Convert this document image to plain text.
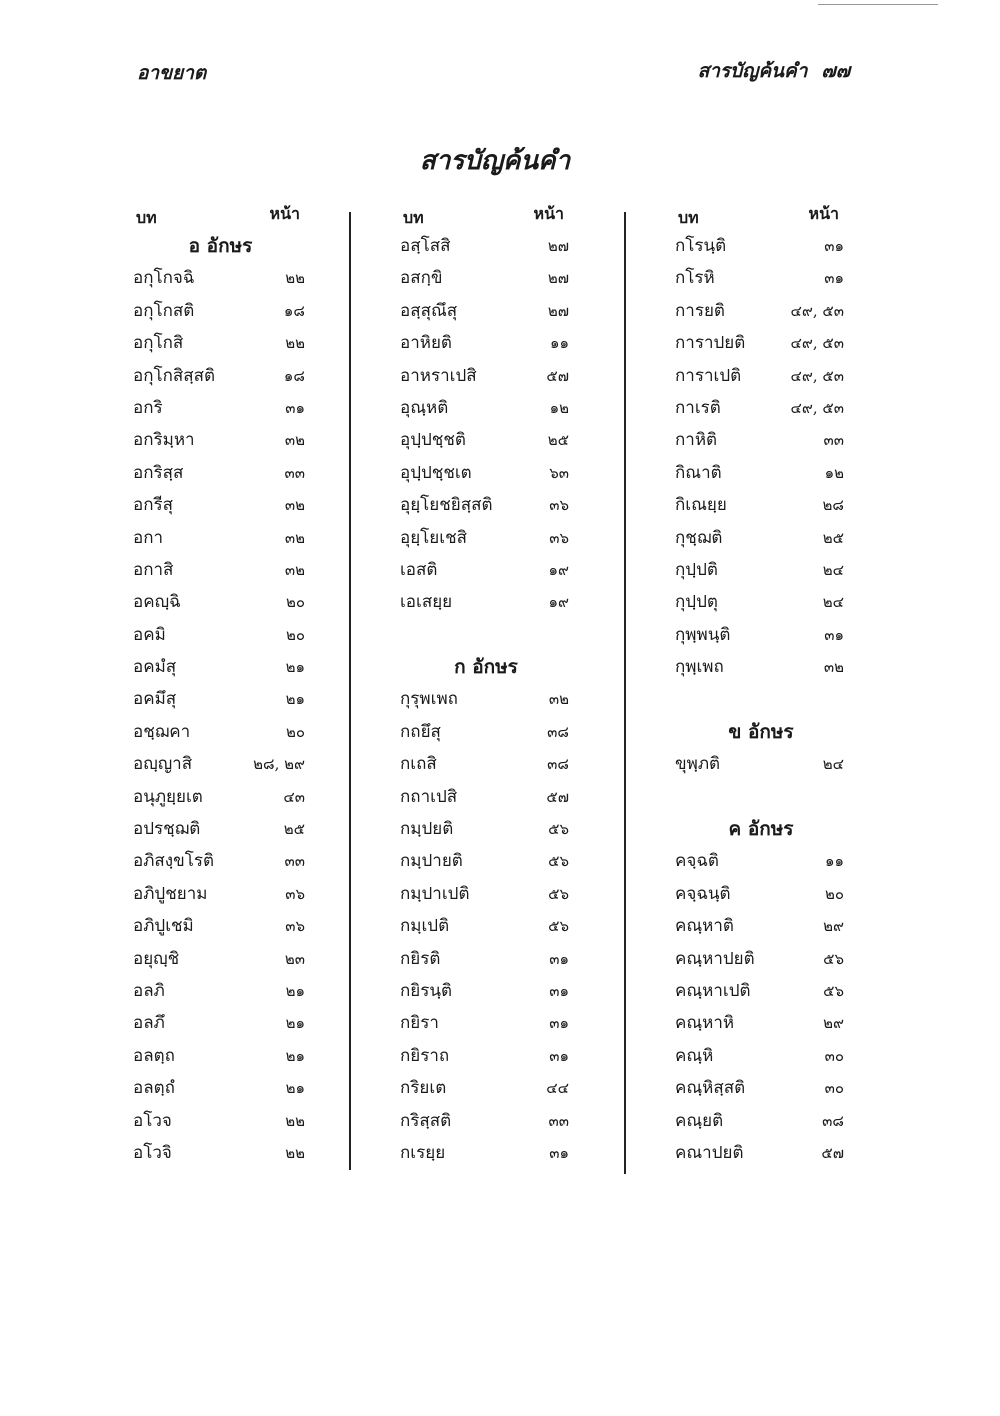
อาขยาต	สารบัญค้นคำ ๗๗
สารบัญค้นคำ
บท	หน้า
อ อักษร
อกุโกจฉิ	๒๒
อกุโกสติ	๑๘
อกุโกสิ	๒๒
อกุโกสิสฺสติ	๑๘
อกริ	๓๑
อกริมฺหา	๓๒
อกริสฺส	๓๓
อกรีสุ	๓๒
อกา	๓๒
อกาสิ	๓๒
อคญฺฉิ	๒๐
อคมิ	๒๐
อคมํสุ	๒๑
อคมึสุ	๒๑
อชฺฌคา	๒๐
อญฺญาสิ	๒๘, ๒๙
อนุภูยฺยเต	๔๓
อปรชฺฌติ	๒๕
อภิสงฺขโรติ	๓๓
อภิปูชยาม	๓๖
อภิปูเชมิ	๓๖
อยุญฺชิ	๒๓
อลภิ	๒๑
อลภึ	๒๑
อลตฺถ	๒๑
อลตฺถํ	๒๑
อโวจ	๒๒
อโวจิ	๒๒
บท	หน้า
อสฺโสสิ	๒๗
อสกฺขิ	๒๗
อสฺสุณึสุ	๒๗
อาหิยติ	๑๑
อาหราเปสิ	๕๗
อุณฺหติ	๑๒
อุปฺปชฺชติ	๒๕
อุปฺปชฺชเต	๖๓
อุยฺโยชยิสฺสติ	๓๖
อุยฺโยเชสิ	๓๖
เอสติ	๑๙
เอเสยฺย	๑๙
ก อักษร
กุรุพเพถ	๓๒
กถยึสุ	๓๘
กเถสิ	๓๘
กถาเปสิ	๕๗
กมฺปยติ	๕๖
กมฺปายติ	๕๖
กมฺปาเปติ	๕๖
กมฺเปติ	๕๖
กยิรติ	๓๑
กยิรนฺติ	๓๑
กยิรา	๓๑
กยิราถ	๓๑
กริยเต	๔๔
กริสฺสติ	๓๓
กเรยฺย	๓๑
บท	หน้า
กโรนฺติ	๓๑
กโรหิ	๓๑
การยติ	๔๙, ๕๓
การาปยติ	๔๙, ๕๓
การาเปติ	๔๙, ๕๓
กาเรติ	๔๙, ๕๓
กาหิติ	๓๓
กิณาติ	๑๒
กิเณยฺย	๒๘
กุชฺฌติ	๒๕
กุปฺปติ	๒๔
กุปฺปตุ	๒๔
กุพฺพนฺติ	๓๑
กุพฺเพถ	๓๒
ข อักษร
ขุพฺภติ	๒๔
ค อักษร
คจฺฉติ	๑๑
คจฺฉนฺติ	๒๐
คณฺหาติ	๒๙
คณฺหาปยติ	๕๖
คณฺหาเปติ	๕๖
คณฺหาหิ	๒๙
คณฺหิ	๓๐
คณฺหิสฺสติ	๓๐
คณฺยติ	๓๘
คณาปยติ	๕๗
